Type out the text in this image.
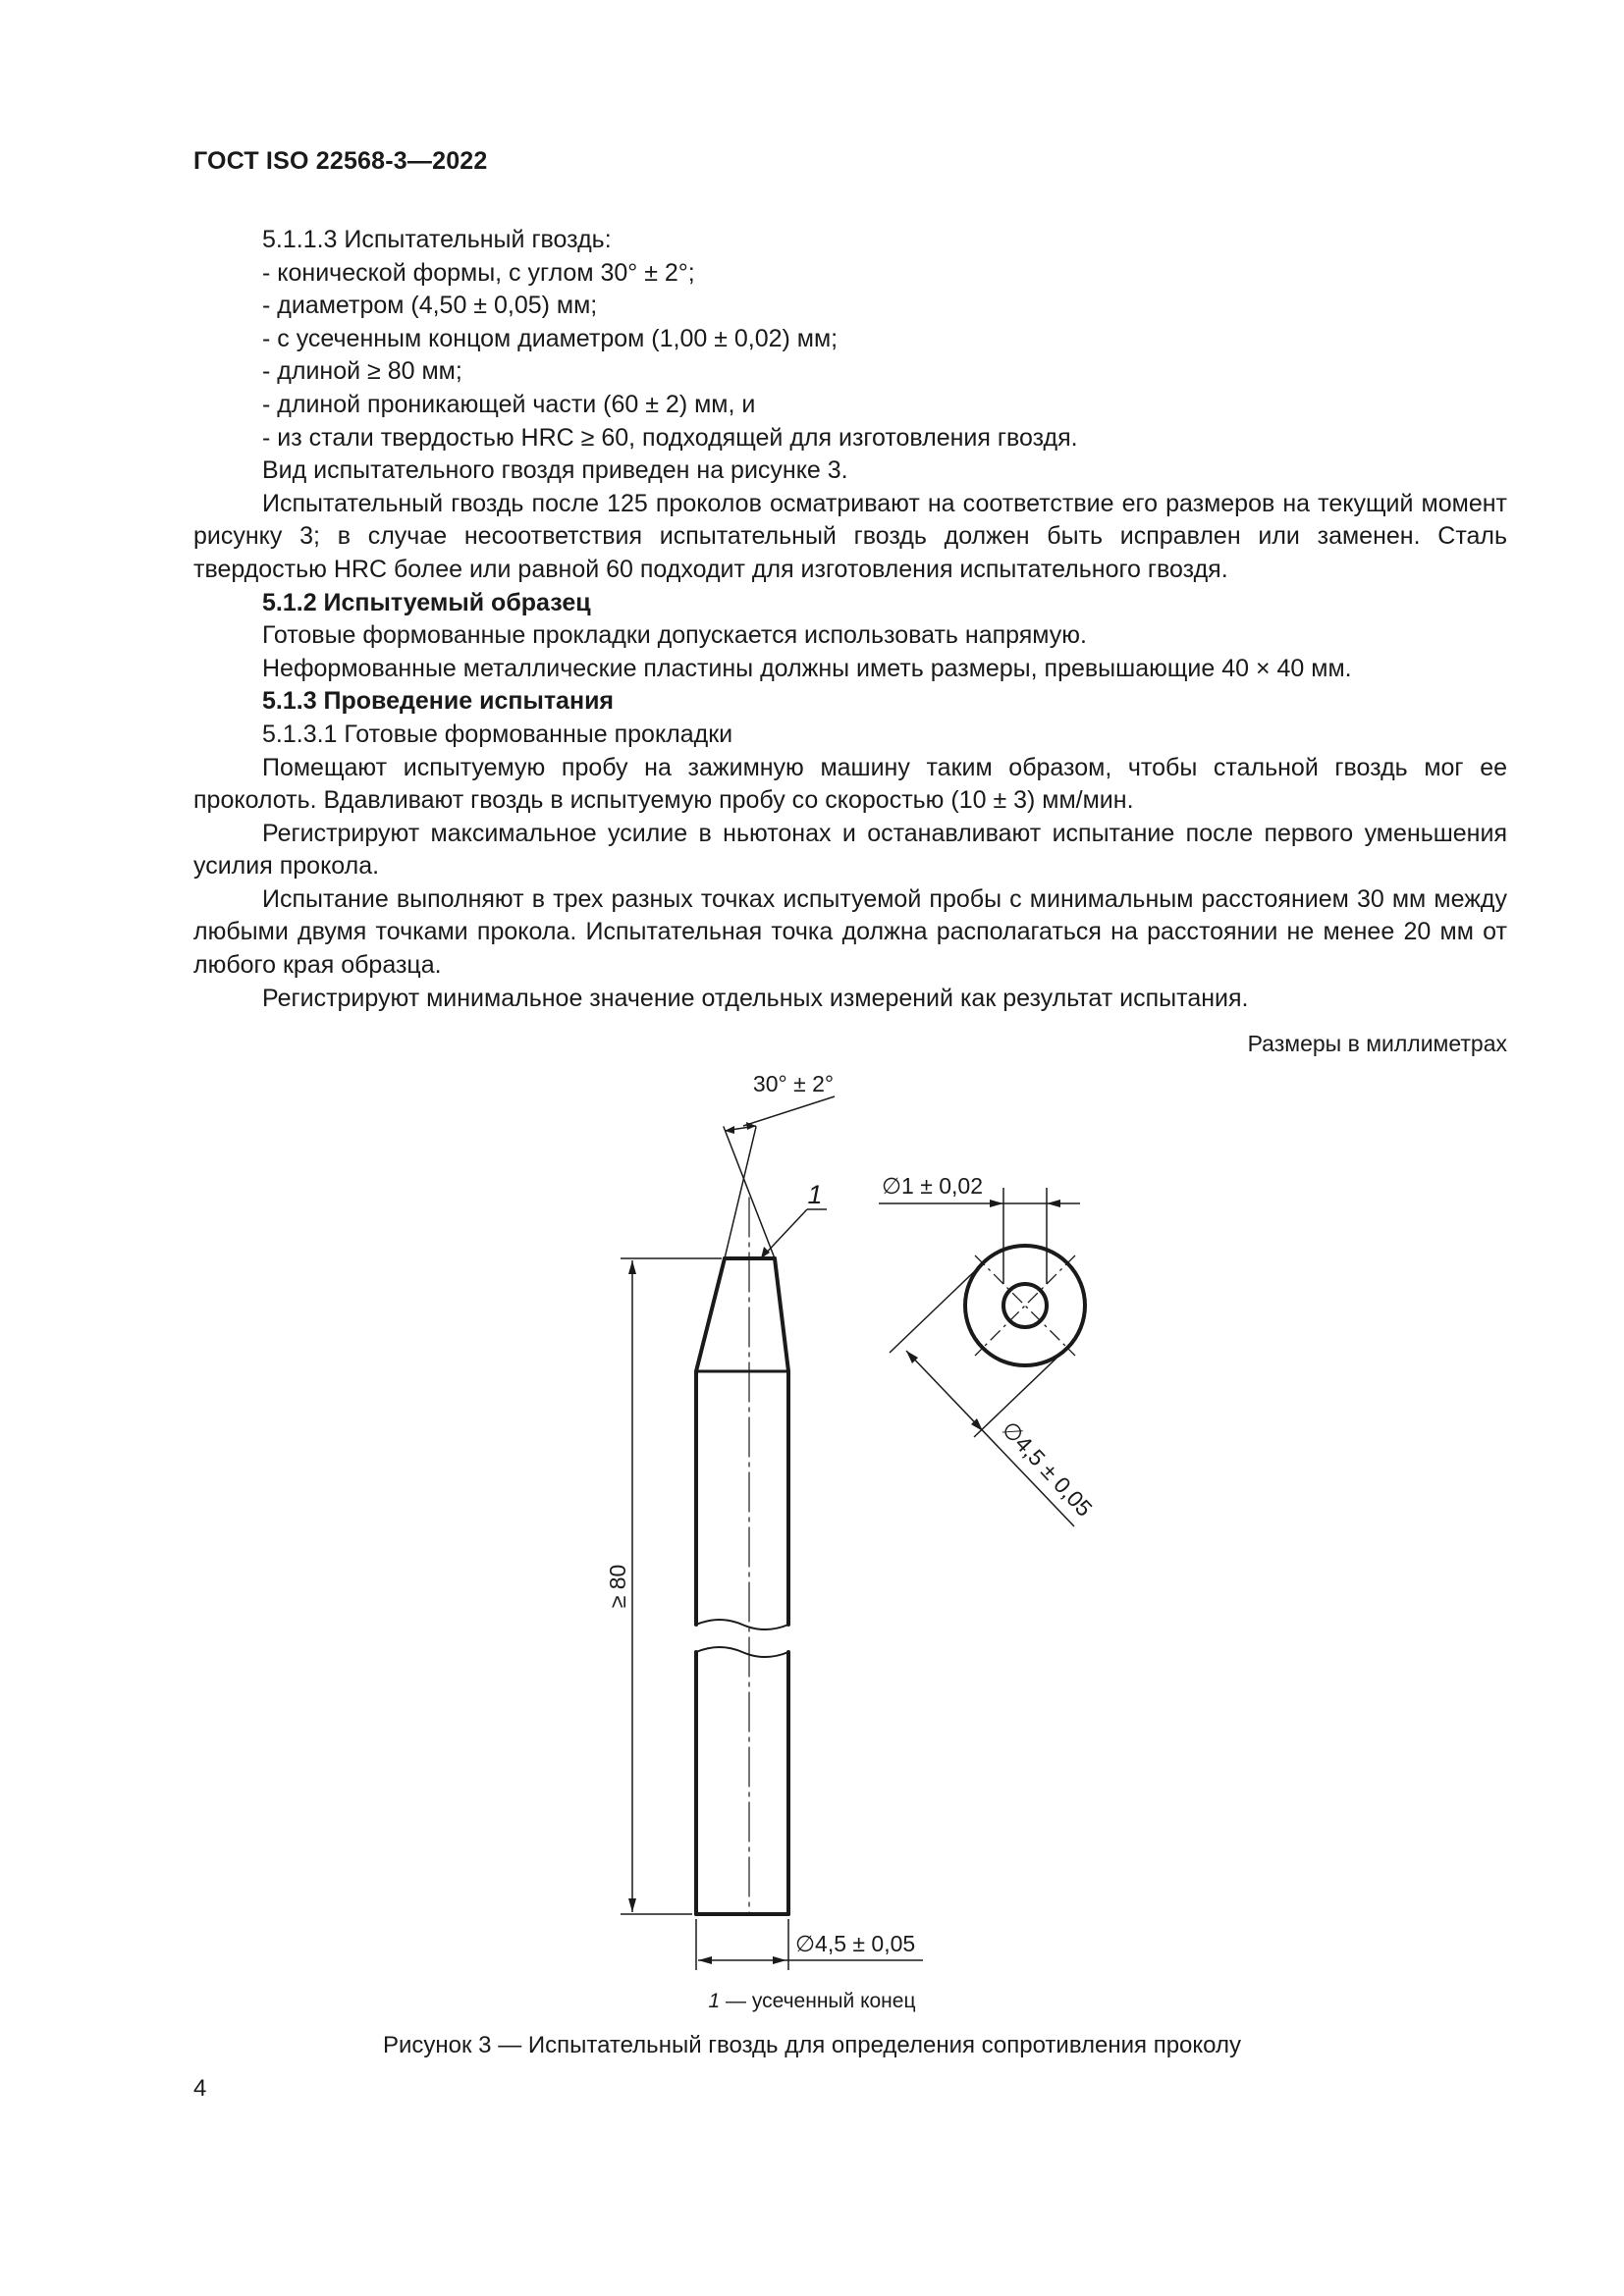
ГОСТ ISO 22568-3—2022

5.1.1.3 Испытательный гвоздь:

- конической формы, с углом 30° ± 2°;

- диаметром (4,50 ± 0,05) мм;

- с усеченным концом диаметром (1,00 ± 0,02) мм;

- длиной ≥ 80 мм;

- длиной проникающей части (60 ± 2) мм, и

- из стали твердостью HRC ≥ 60, подходящей для изготовления гвоздя.

Вид испытательного гвоздя приведен на рисунке 3.

Испытательный гвоздь после 125 проколов осматривают на соответствие его размеров на текущий момент рисунку 3; в случае несоответствия испытательный гвоздь должен быть исправлен или заменен. Сталь твердостью HRC более или равной 60 подходит для изготовления испытательного гвоздя.

5.1.2 Испытуемый образец

Готовые формованные прокладки допускается использовать напрямую.

Неформованные металлические пластины должны иметь размеры, превышающие 40 × 40 мм.

5.1.3 Проведение испытания

5.1.3.1 Готовые формованные прокладки

Помещают испытуемую пробу на зажимную машину таким образом, чтобы стальной гвоздь мог ее проколоть. Вдавливают гвоздь в испытуемую пробу со скоростью (10 ± 3) мм/мин.

Регистрируют максимальное усилие в ньютонах и останавливают испытание после первого уменьшения усилия прокола.

Испытание выполняют в трех разных точках испытуемой пробы с минимальным расстоянием 30 мм между любыми двумя точками прокола. Испытательная точка должна располагаться на расстоянии не менее 20 мм от любого края образца.

Регистрируют минимальное значение отдельных измерений как результат испытания.

Размеры в миллиметрах
30° ± 2°
1
≥ 80
∅4,5 ± 0,05
∅1 ± 0,02
∅4,5 ± 0,05
1 — усеченный конец
Рисунок 3 — Испытательный гвоздь для определения сопротивления проколу
4
